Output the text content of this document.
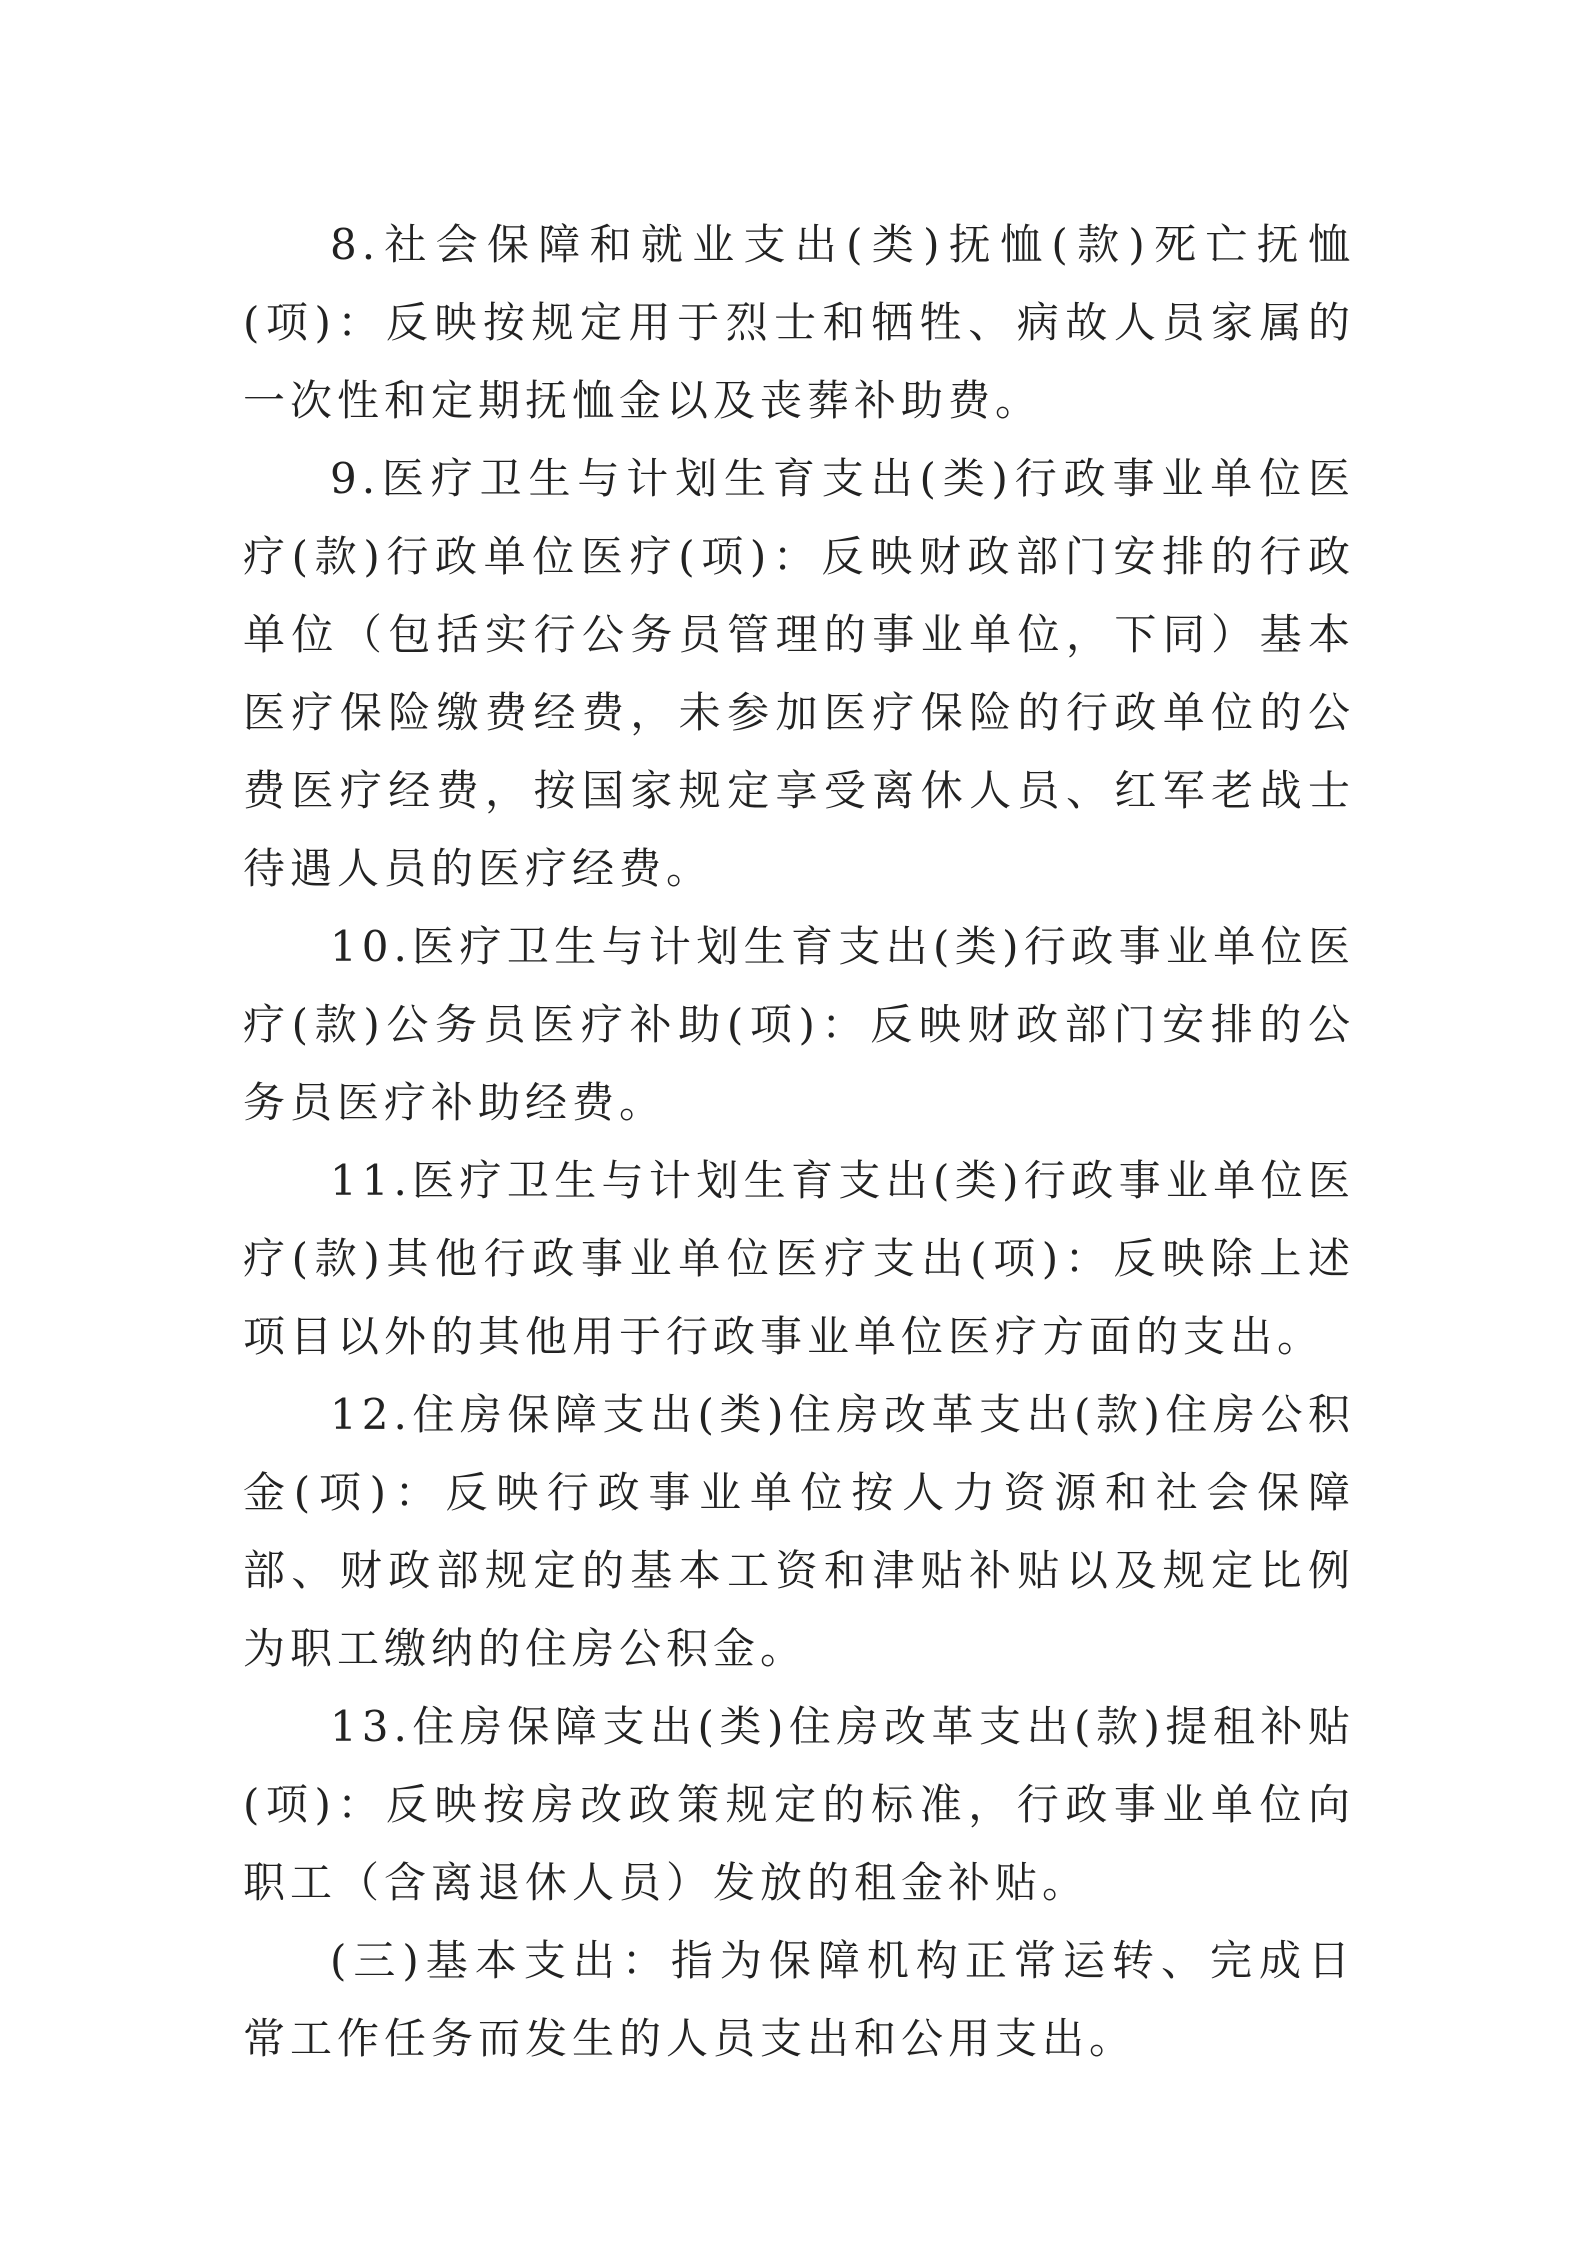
8.社会保障和就业支出(类)抚恤(款)死亡抚恤(项)：反映按规定用于烈士和牺牲、病故人员家属的一次性和定期抚恤金以及丧葬补助费。

9.医疗卫生与计划生育支出(类)行政事业单位医疗(款)行政单位医疗(项)：反映财政部门安排的行政单位（包括实行公务员管理的事业单位，下同）基本医疗保险缴费经费，未参加医疗保险的行政单位的公费医疗经费，按国家规定享受离休人员、红军老战士待遇人员的医疗经费。

10.医疗卫生与计划生育支出(类)行政事业单位医疗(款)公务员医疗补助(项)：反映财政部门安排的公务员医疗补助经费。

11.医疗卫生与计划生育支出(类)行政事业单位医疗(款)其他行政事业单位医疗支出(项)：反映除上述项目以外的其他用于行政事业单位医疗方面的支出。

12.住房保障支出(类)住房改革支出(款)住房公积金(项)：反映行政事业单位按人力资源和社会保障部、财政部规定的基本工资和津贴补贴以及规定比例为职工缴纳的住房公积金。

13.住房保障支出(类)住房改革支出(款)提租补贴(项)：反映按房改政策规定的标准，行政事业单位向职工（含离退休人员）发放的租金补贴。

(三)基本支出：指为保障机构正常运转、完成日常工作任务而发生的人员支出和公用支出。
